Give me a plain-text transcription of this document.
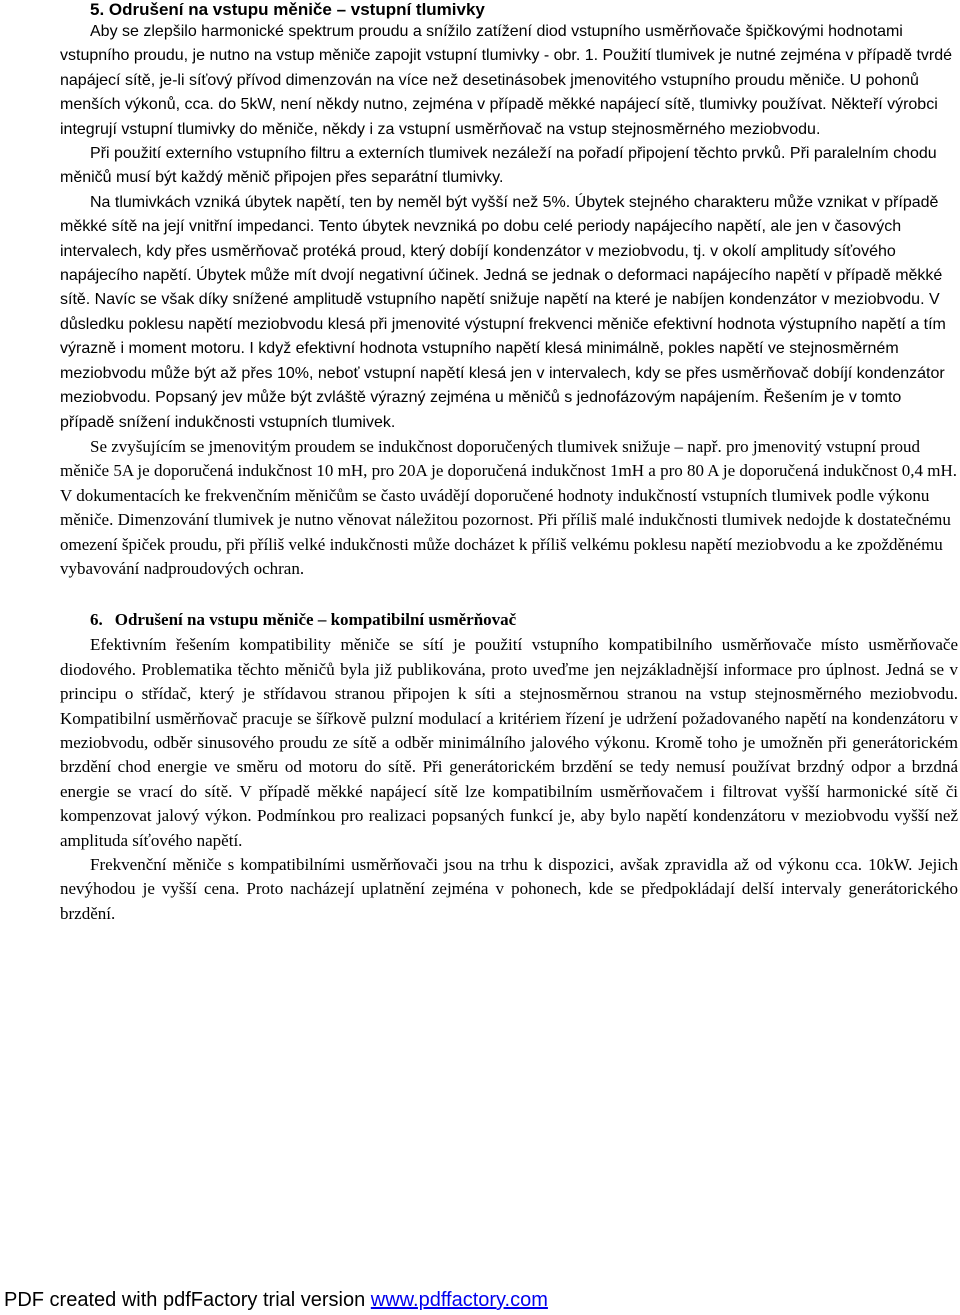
5. Odrušení na vstupu měniče – vstupní tlumivky

Aby se zlepšilo harmonické spektrum proudu a snížilo zatížení diod vstupního usměrňovače špičkovými hodnotami vstupního proudu, je nutno na vstup měniče zapojit vstupní tlumivky - obr. 1. Použití tlumivek je nutné zejména v případě tvrdé napájecí sítě, je-li síťový přívod dimenzován na více než desetinásobek jmenovitého vstupního proudu měniče. U pohonů menších výkonů, cca. do 5kW, není někdy nutno, zejména v případě měkké napájecí sítě, tlumivky používat. Někteří výrobci integrují vstupní tlumivky do měniče, někdy i za vstupní usměrňovač na vstup stejnosměrného meziobvodu.

Při použití externího vstupního filtru a externích tlumivek nezáleží na pořadí připojení těchto prvků. Při paralelním chodu měničů musí být každý měnič připojen přes separátní tlumivky.

Na tlumivkách vzniká úbytek napětí, ten by neměl být vyšší než 5%. Úbytek stejného charakteru může vznikat v případě měkké sítě na její vnitřní impedanci. Tento úbytek nevzniká po dobu celé periody napájecího napětí, ale jen v časových intervalech, kdy přes usměrňovač protéká proud, který dobíjí kondenzátor v meziobvodu, tj. v okolí amplitudy síťového napájecího napětí. Úbytek může mít dvojí negativní účinek. Jedná se jednak o deformaci napájecího napětí v případě měkké sítě. Navíc se však díky snížené amplitudě vstupního napětí snižuje napětí na které je nabíjen kondenzátor v meziobvodu. V důsledku poklesu napětí meziobvodu klesá při jmenovité výstupní frekvenci měniče efektivní hodnota výstupního napětí a tím výrazně i moment motoru. I když efektivní hodnota vstupního napětí klesá minimálně, pokles napětí ve stejnosměrném meziobvodu může být až přes 10%, neboť vstupní napětí klesá jen v intervalech, kdy se přes usměrňovač dobíjí kondenzátor meziobvodu. Popsaný jev může být zvláště výrazný zejména u měničů s jednofázovým napájením. Řešením je v tomto případě snížení indukčnosti vstupních tlumivek.

Se zvyšujícím se jmenovitým proudem se indukčnost doporučených tlumivek snižuje – např. pro jmenovitý vstupní proud měniče 5A je doporučená indukčnost 10 mH, pro 20A je doporučená indukčnost 1mH a pro 80 A je doporučená indukčnost 0,4 mH. V dokumentacích ke frekvenčním měničům se často uvádějí doporučené hodnoty indukčností vstupních tlumivek podle výkonu měniče. Dimenzování tlumivek je nutno věnovat náležitou pozornost. Při příliš malé indukčnosti tlumivek nedojde k dostatečnému omezení špiček proudu, při příliš velké indukčnosti může docházet k příliš velkému poklesu napětí meziobvodu a ke zpožděnému vybavování nadproudových ochran.

6. Odrušení na vstupu měniče – kompatibilní usměrňovač

Efektivním řešením kompatibility měniče se sítí je použití vstupního kompatibilního usměrňovače místo usměrňovače diodového. Problematika těchto měničů byla již publikována, proto uveďme jen nejzákladnější informace pro úplnost. Jedná se v principu o střídač, který je střídavou stranou připojen k síti a stejnosměrnou stranou na vstup stejnosměrného meziobvodu. Kompatibilní usměrňovač pracuje se šířkově pulzní modulací a kritériem řízení je udržení požadovaného napětí na kondenzátoru v meziobvodu, odběr sinusového proudu ze sítě a odběr minimálního jalového výkonu. Kromě toho je umožněn při generátorickém brzdění chod energie ve směru od motoru do sítě. Při generátorickém brzdění se tedy nemusí používat brzdný odpor a brzdná energie se vrací do sítě. V případě měkké napájecí sítě lze kompatibilním usměrňovačem i filtrovat vyšší harmonické sítě či kompenzovat jalový výkon. Podmínkou pro realizaci popsaných funkcí je, aby bylo napětí kondenzátoru v meziobvodu vyšší než amplituda síťového napětí.

Frekvenční měniče s kompatibilními usměrňovači jsou na trhu k dispozici, avšak zpravidla až od výkonu cca. 10kW. Jejich nevýhodou je vyšší cena. Proto nacházejí uplatnění zejména v pohonech, kde se předpokládají delší intervaly generátorického brzdění.

PDF created with pdfFactory trial version www.pdffactory.com
